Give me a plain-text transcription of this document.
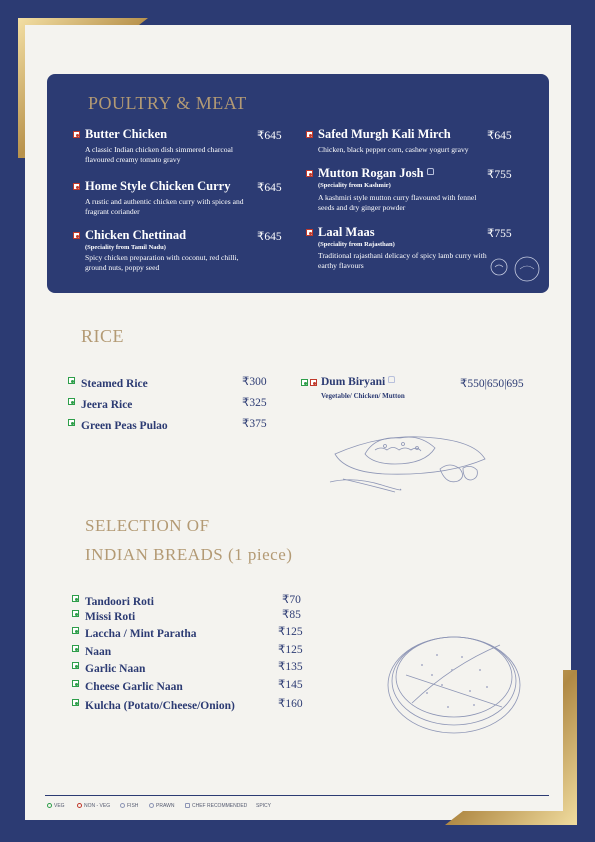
POULTRY & MEAT
Butter Chicken
A classic Indian chicken dish simmered charcoal flavoured creamy tomato gravy
₹645
Home Style Chicken Curry
A rustic and authentic chicken curry with spices and fragrant coriander
₹645
Chicken Chettinad
(Speciality from Tamil Nadu)
Spicy chicken preparation with coconut, red chilli, ground nuts, poppy seed
₹645
Safed Murgh Kali Mirch
Chicken, black pepper corn, cashew yogurt gravy
₹645
Mutton Rogan Josh
(Speciality from Kashmir)
A kashmiri style mutton curry flavoured with fennel seeds and dry ginger powder
₹755
Laal Maas
(Speciality from Rajasthan)
Traditional rajasthani delicacy of spicy lamb curry with earthy flavours
₹755
RICE
Steamed Rice	₹300
Jeera Rice	₹325
Green Peas Pulao	₹375
Dum Biryani
Vegetable/ Chicken/ Mutton
₹550|650|695
SELECTION OF
INDIAN BREADS (1 piece)
Tandoori Roti	₹70
Missi Roti	₹85
Laccha / Mint Paratha	₹125
Naan	₹125
Garlic Naan	₹135
Cheese Garlic Naan	₹145
Kulcha (Potato/Cheese/Onion)	₹160
VEG	NON - VEG	FISH	PRAWN	CHEF RECOMMENDED SPICY
